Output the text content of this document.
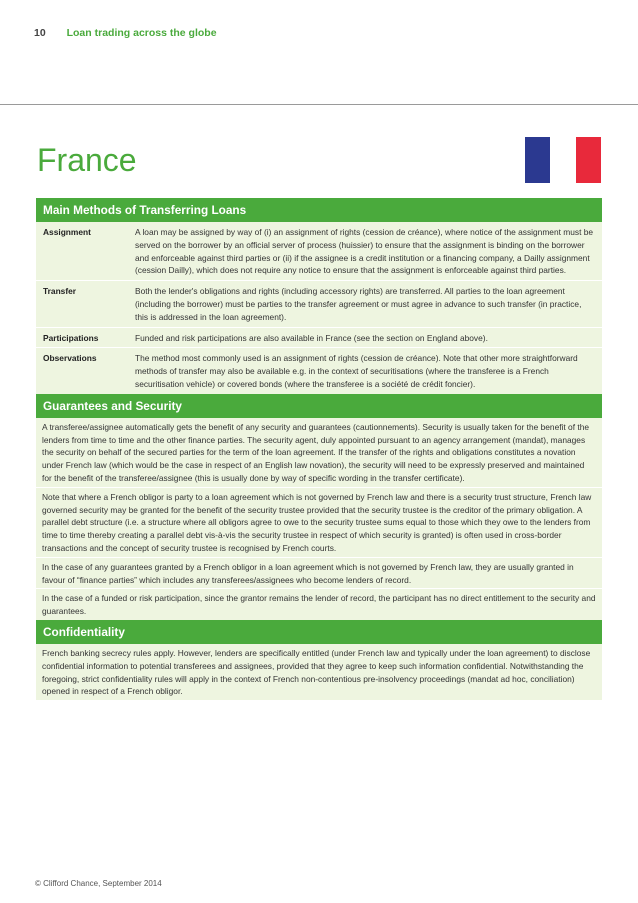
10 Loan trading across the globe
France
Main Methods of Transferring Loans
Assignment	A loan may be assigned by way of (i) an assignment of rights (cession de créance), where notice of the assignment must be served on the borrower by an official server of process (huissier) to ensure that the assignment is binding on the borrower and enforceable against third parties or (ii) if the assignee is a credit institution or a financing company, a Dailly assignment (cession Dailly), which does not require any notice to ensure that the assignment is enforceable against third parties.
Transfer	Both the lender's obligations and rights (including accessory rights) are transferred. All parties to the loan agreement (including the borrower) must be parties to the transfer agreement or must agree in advance to such transfer (in practice, this is addressed in the loan agreement).
Participations	Funded and risk participations are also available in France (see the section on England above).
Observations	The method most commonly used is an assignment of rights (cession de créance). Note that other more straightforward methods of transfer may also be available e.g. in the context of securitisations (where the transferee is a French securitisation vehicle) or covered bonds (where the transferee is a société de crédit foncier).
Guarantees and Security
A transferee/assignee automatically gets the benefit of any security and guarantees (cautionnements). Security is usually taken for the benefit of the lenders from time to time and the other finance parties. The security agent, duly appointed pursuant to an agency arrangement (mandat), manages the security on behalf of the secured parties for the term of the loan agreement. If the transfer of the rights and obligations constitutes a novation under French law (which would be the case in respect of an English law novation), the security will need to be expressly preserved and maintained for the benefit of the transferee/assignee (this is usually done by way of specific wording in the transfer certificate).
Note that where a French obligor is party to a loan agreement which is not governed by French law and there is a security trust structure, French law governed security may be granted for the benefit of the security trustee provided that the security trustee is the creditor of the primary obligation. A parallel debt structure (i.e. a structure where all obligors agree to owe to the security trustee sums equal to those which they owe to the lenders from time to time thereby creating a parallel debt vis-à-vis the security trustee in respect of which security is granted) is often used in cross-border transactions and the concept of security trustee is recognised by French courts.
In the case of any guarantees granted by a French obligor in a loan agreement which is not governed by French law, they are usually granted in favour of “finance parties” which includes any transferees/assignees who become lenders of record.
In the case of a funded or risk participation, since the grantor remains the lender of record, the participant has no direct entitlement to the security and guarantees.
Confidentiality
French banking secrecy rules apply. However, lenders are specifically entitled (under French law and typically under the loan agreement) to disclose confidential information to potential transferees and assignees, provided that they agree to keep such information confidential. Notwithstanding the foregoing, strict confidentiality rules will apply in the context of French non-contentious pre-insolvency proceedings (mandat ad hoc, conciliation) opened in respect of a French obligor.
© Clifford Chance, September 2014
